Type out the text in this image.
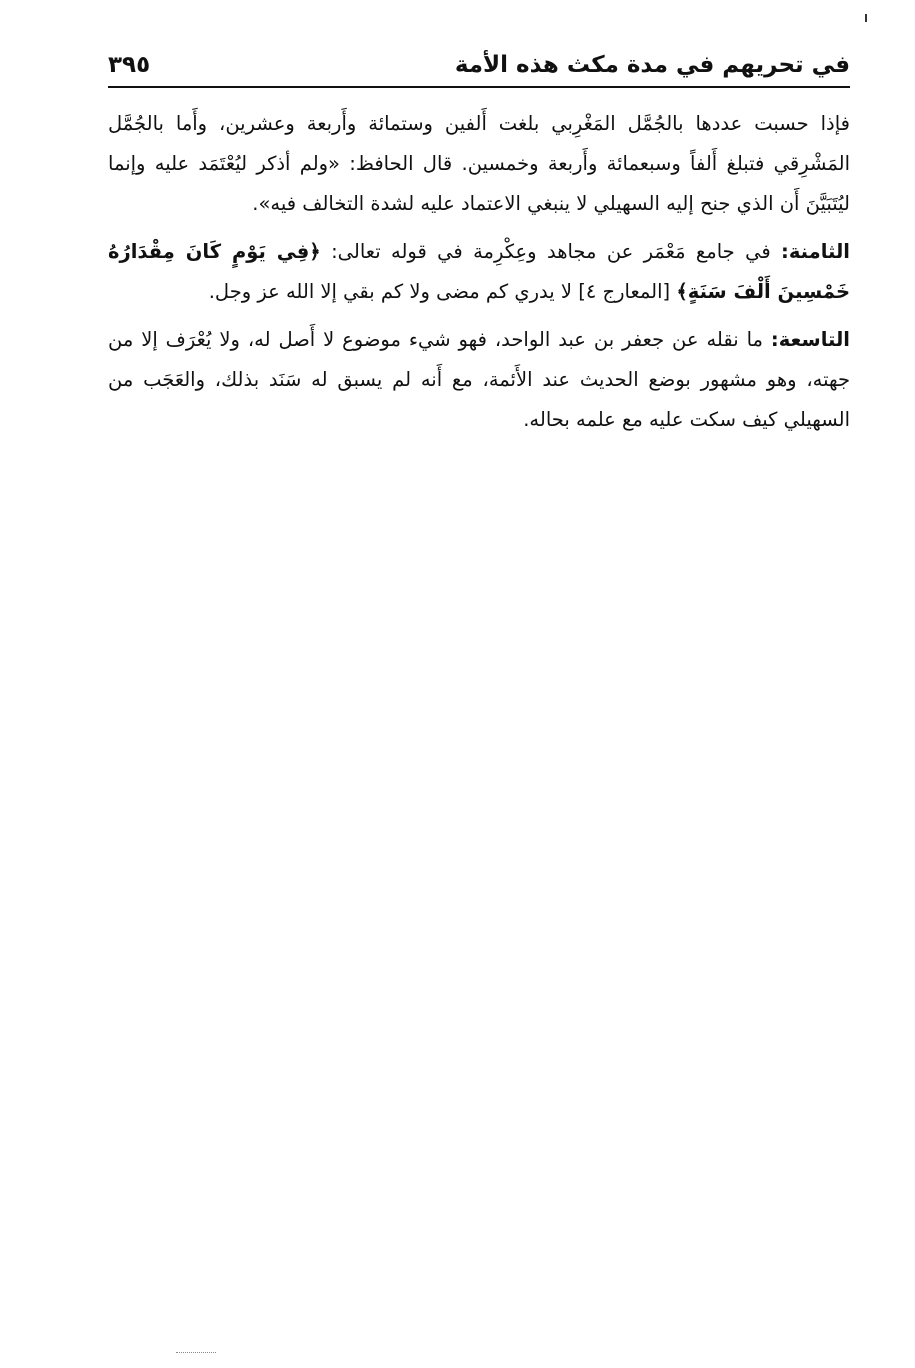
في تحريهم في مدة مكث هذه الأمة
٣٩٥

فإذا حسبت عددها بالجُمَّل المَغْرِبي بلغت أَلفين وستمائة وأَربعة وعشرين، وأَما بالجُمَّل المَشْرِقي فتبلغ أَلفاً وسبعمائة وأَربعة وخمسين. قال الحافظ: «ولم أذكر ليُعْتَمَد عليه وإنما ليُتَبَيَّنَ أَن الذي جنح إليه السهيلي لا ينبغي الاعتماد عليه لشدة التخالف فيه».

الثامنة: في جامع مَعْمَر عن مجاهد وعِكْرِمة في قوله تعالى: ﴿فِي يَوْمٍ كَانَ مِقْدَارُهُ خَمْسِينَ أَلْفَ سَنَةٍ﴾ [المعارج ٤] لا يدري كم مضى ولا كم بقي إلا الله عز وجل.

التاسعة: ما نقله عن جعفر بن عبد الواحد، فهو شيء موضوع لا أَصل له، ولا يُعْرَف إلا من جهته، وهو مشهور بوضع الحديث عند الأَئمة، مع أَنه لم يسبق له سَنَد بذلك، والعَجَب من السهيلي كيف سكت عليه مع علمه بحاله.
